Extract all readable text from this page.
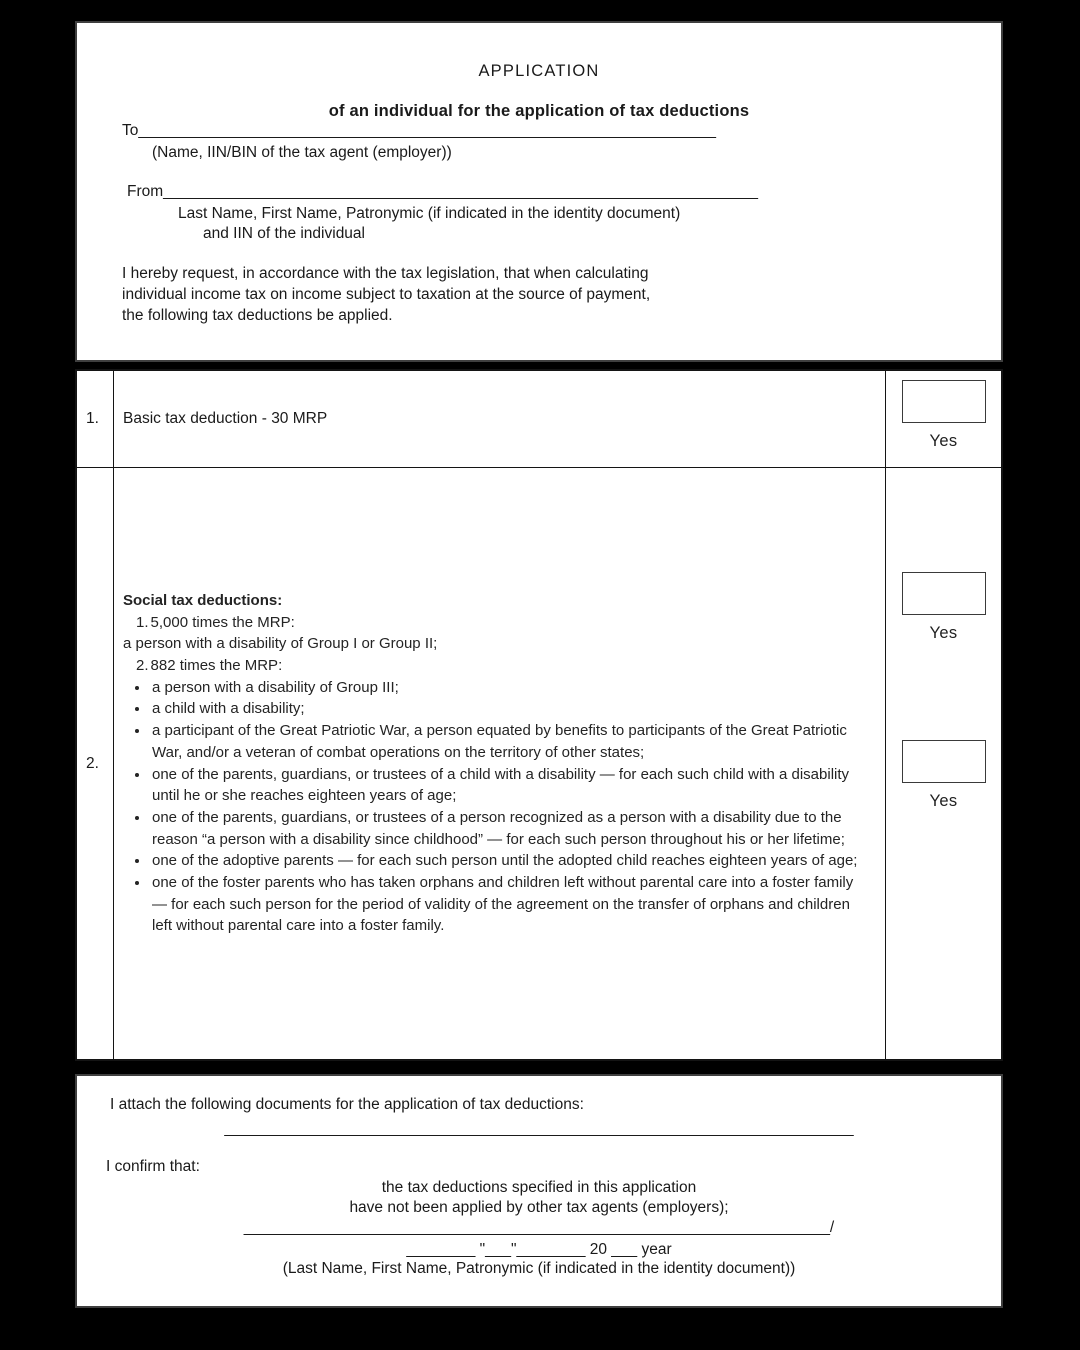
APPLICATION
of an individual for the application of tax deductions
To___________________________________________________________________
(Name, IIN/BIN of the tax agent (employer))
From_____________________________________________________________________
Last Name, First Name, Patronymic (if indicated in the identity document)
and IIN of the individual
I hereby request, in accordance with the tax legislation, that when calculating
individual income tax on income subject to taxation at the source of payment,
the following tax deductions be applied.
1. Basic tax deduction - 30 MRP
Yes
2.
Social tax deductions:
1. 5,000 times the MRP:
a person with a disability of Group I or Group II;
2. 882 times the MRP:
• a person with a disability of Group III;
• a child with a disability;
• a participant of the Great Patriotic War, a person equated by benefits to participants of the Great Patriotic War, and/or a veteran of combat operations on the territory of other states;
• one of the parents, guardians, or trustees of a child with a disability — for each such child with a disability until he or she reaches eighteen years of age;
• one of the parents, guardians, or trustees of a person recognized as a person with a disability due to the reason “a person with a disability since childhood” — for each such person throughout his or her lifetime;
• one of the adoptive parents — for each such person until the adopted child reaches eighteen years of age;
• one of the foster parents who has taken orphans and children left without parental care into a foster family — for each such person for the period of validity of the agreement on the transfer of orphans and children left without parental care into a foster family.
Yes
Yes
I attach the following documents for the application of tax deductions:
_________________________________________________________________________
I confirm that:
the tax deductions specified in this application
have not been applied by other tax agents (employers);
____________________________________________________________________/
________ "___"________ 20 ___ year
(Last Name, First Name, Patronymic (if indicated in the identity document))
